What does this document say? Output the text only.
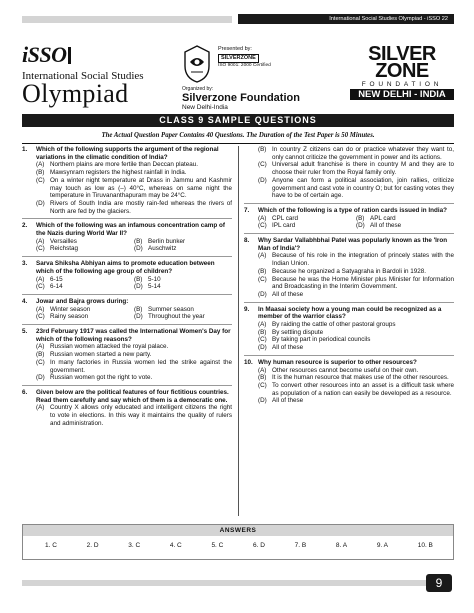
International Social Studies Olympiad - iSSO 22
iSSO
International Social Studies
Olympiad
Presented by:
SILVERZONE
ISO 9001: 2000 Certified
Organized by:
Silverzone Foundation
New Delhi-India
SILVER
ZONE
FOUNDATION
NEW DELHI - INDIA
CLASS 9 SAMPLE QUESTIONS
The Actual Question Paper Contains 40 Questions. The Duration of the Test Paper is 50 Minutes.
1.	Which of the following supports the argument of the regional variations in the climatic condition of India?
(A) Northern plains are more fertile than Deccan plateau.
(B) Mawsynram registers the highest rainfall in India.
(C) On a winter night temperature at Drass in Jammu and Kashmir may touch as low as (–) 40°C, whereas on same night the temperature in Tiruvananthapuram may be 24°C.
(D) Rivers of South India are mostly rain-fed whereas the rivers of North are fed by the glaciers.
2.	Which of the following was an infamous concentration camp of the Nazis during World War II?
(A) Versailles	(B) Berlin bunker
(C) Reichstag	(D) Auschwitz
3.	Sarva Shiksha Abhiyan aims to promote education between which of the following age group of children?
(A) 6-15	(B) 5-10
(C) 6-14	(D) 5-14
4.	Jowar and Bajra grows during:
(A) Winter season	(B) Summer season
(C) Rainy season	(D) Throughout the year
5.	23rd February 1917 was called the International Women's Day for which of the following reasons?
(A) Russian women attacked the royal palace.
(B) Russian women started a new party.
(C) In many factories in Russia women led the strike against the government.
(D) Russian women got the right to vote.
6.	Given below are the political features of four fictitious countries. Read them carefully and say which of them is a democratic one.
(A) Country X allows only educated and intelligent citizens the right to vote in elections. In this way it maintains the quality of rulers and administration.
(B) In country Z citizens can do or practice whatever they want to, only cannot criticize the government in power and its actions.
(C) Universal adult franchise is there in country M and they are to choose their ruler from the Royal family only.
(D) Anyone can form a political association, join rallies, criticize government and cast vote in country O; but for casting votes they have to be of certain age.
7.	Which of the following is a type of ration cards issued in India?
(A) CPL card	(B) APL card
(C) IPL card	(D) All of these
8.	Why Sardar Vallabhbhai Patel was popularly known as the 'Iron Man of India'?
(A) Because of his role in the integration of princely states with the Indian Union.
(B) Because he organized a Satyagraha in Bardoli in 1928.
(C) Because he was the Home Minister plus Minister for Information and Broadcasting in the Interim Government.
(D) All of these
9.	In Maasai society how a young man could be recognized as a member of the warrior class?
(A) By raiding the cattle of other pastoral groups
(B) By settling dispute
(C) By taking part in periodical councils
(D) All of these
10. Why human resource is superior to other resources?
(A) Other resources cannot become useful on their own.
(B) It is the human resource that makes use of the other resources.
(C) To convert other resources into an asset is a difficult task where as population of a nation can easily be developed as a resource.
(D) All of these
ANSWERS
1. C	2. D	3. C	4. C	5. C	6. D	7. B	8. A	9. A	10. B
9
